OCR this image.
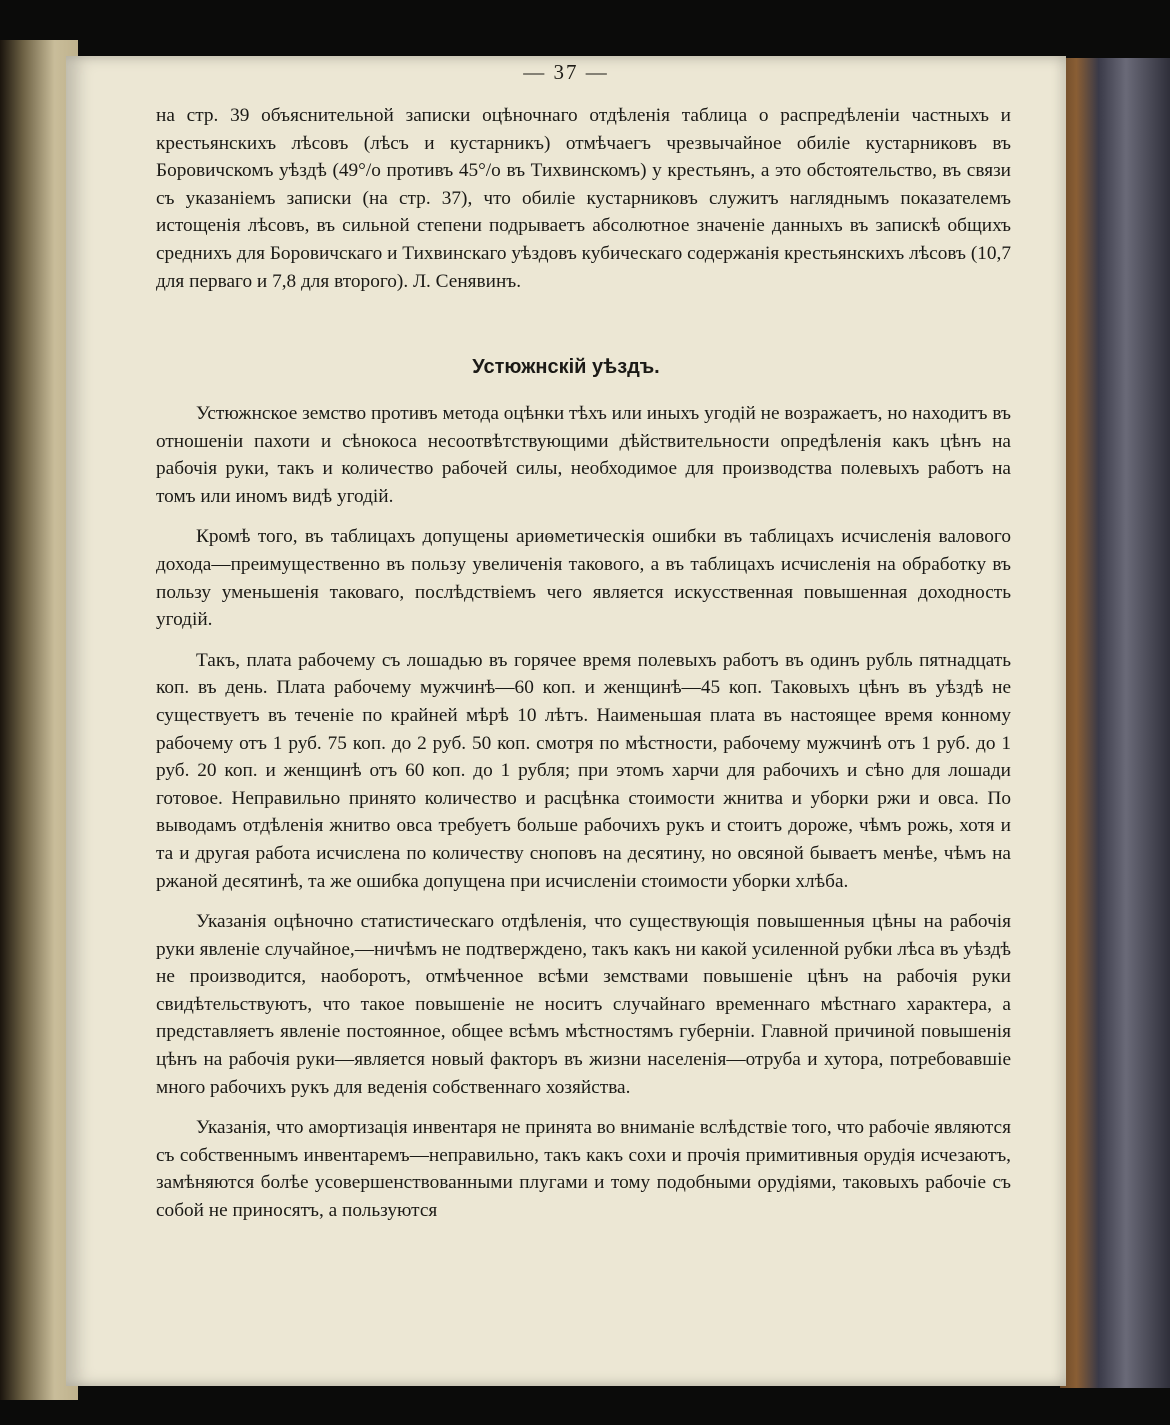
— 37 —

на стр. 39 объяснительной записки оцѣночнаго отдѣленія таблица о распредѣленіи частныхъ и крестьянскихъ лѣсовъ (лѣсъ и кустарникъ) отмѣчаегъ чрезвычайное обиліе кустарниковъ въ Боровичскомъ уѣздѣ (49°/о противъ 45°/о въ Тихвинскомъ) у крестьянъ, а это обстоятельство, въ связи съ указаніемъ записки (на стр. 37), что обиліе кустарниковъ служитъ нагляднымъ показателемъ истощенія лѣсовъ, въ сильной степени подрываетъ абсолютное значеніе данныхъ въ запискѣ общихъ среднихъ для Боровичскаго и Тихвинскаго уѣздовъ кубическаго содержанія крестьянскихъ лѣсовъ (10,7 для перваго и 7,8 для второго). Л. Сенявинъ.

Устюжнскій уѣздъ.

Устюжнское земство противъ метода оцѣнки тѣхъ или иныхъ угодій не возражаетъ, но находитъ въ отношеніи пахоти и сѣнокоса несоотвѣтствующими дѣйствительности опредѣленія какъ цѣнъ на рабочія руки, такъ и количество рабочей силы, необходимое для производства полевыхъ работъ на томъ или иномъ видѣ угодій.

Кромѣ того, въ таблицахъ допущены ариѳметическія ошибки въ таблицахъ исчисленія валового дохода—преимущественно въ пользу увеличенія такового, а въ таблицахъ исчисленія на обработку въ пользу уменьшенія таковаго, послѣдствіемъ чего является искусственная повышенная доходность угодій.

Такъ, плата рабочему съ лошадью въ горячее время полевыхъ работъ въ одинъ рубль пятнадцать коп. въ день. Плата рабочему мужчинѣ—60 коп. и женщинѣ—45 коп. Таковыхъ цѣнъ въ уѣздѣ не существуетъ въ теченіе по крайней мѣрѣ 10 лѣтъ. Наименьшая плата въ настоящее время конному рабочему отъ 1 руб. 75 коп. до 2 руб. 50 коп. смотря по мѣстности, рабочему мужчинѣ отъ 1 руб. до 1 руб. 20 коп. и женщинѣ отъ 60 коп. до 1 рубля; при этомъ харчи для рабочихъ и сѣно для лошади готовое. Неправильно принято количество и расцѣнка стоимости жнитва и уборки ржи и овса. По выводамъ отдѣленія жнитво овса требуетъ больше рабочихъ рукъ и стоитъ дороже, чѣмъ рожь, хотя и та и другая работа исчислена по количеству сноповъ на десятину, но овсяной бываетъ менѣе, чѣмъ на ржаной десятинѣ, та же ошибка допущена при исчисленіи стоимости уборки хлѣба.

Указанія оцѣночно статистическаго отдѣленія, что существующія повышенныя цѣны на рабочія руки явленіе случайное,—ничѣмъ не подтверждено, такъ какъ ни какой усиленной рубки лѣса въ уѣздѣ не производится, наоборотъ, отмѣченное всѣми земствами повышеніе цѣнъ на рабочія руки свидѣтельствуютъ, что такое повышеніе не носитъ случайнаго временнаго мѣстнаго характера, а представляетъ явленіе постоянное, общее всѣмъ мѣстностямъ губерніи. Главной причиной повышенія цѣнъ на рабочія руки—является новый факторъ въ жизни населенія—отруба и хутора, потребовавшіе много рабочихъ рукъ для веденія собственнаго хозяйства.

Указанія, что амортизація инвентаря не принята во вниманіе вслѣдствіе того, что рабочіе являются съ собственнымъ инвентаремъ—неправильно, такъ какъ сохи и прочія примитивныя орудія исчезаютъ, замѣняются болѣе усовершенствованными плугами и тому подобными орудіями, таковыхъ рабочіе съ собой не приносятъ, а пользуются
